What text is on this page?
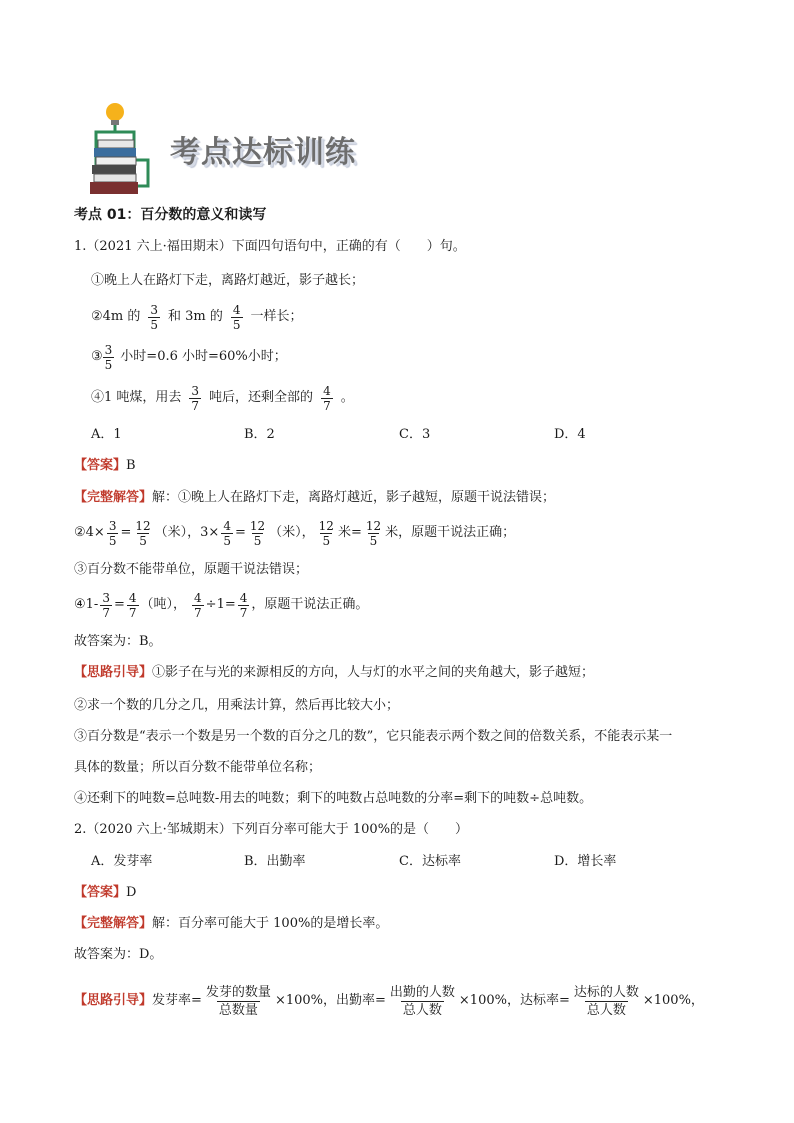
考点达标训练
考点 01：百分数的意义和读写
1.（2021 六上·福田期末）下面四句语句中，正确的有（　　）句。
①晚上人在路灯下走，离路灯越近，影子越长；
②4m 的 $\frac{3}{5}$ 和 3m 的 $\frac{4}{5}$ 一样长；
③ $\frac{3}{5}$ 小时=0.6 小时=60%小时；
④1 吨煤，用去 $\frac{3}{7}$ 吨后，还剩全部的 $\frac{4}{7}$ 。
A．1	B．2	C．3	D．4
【答案】B
【完整解答】解：①晚上人在路灯下走，离路灯越近，影子越短，原题干说法错误；
②4× $\frac{3}{5} = \frac{12}{5}$ （米），$3\times \frac{4}{5} = \frac{12}{5}$ （米）， $\frac{12}{5}$ 米= $\frac{12}{5}$ 米，原题干说法正确；
③百分数不能带单位，原题干说法错误；
④1- $\frac{3}{7} = \frac{4}{7}$ （吨）， $\frac{4}{7} \div 1= \frac{4}{7}$ ，原题干说法正确。
故答案为：B。
【思路引导】①影子在与光的来源相反的方向，人与灯的水平之间的夹角越大，影子越短；
②求一个数的几分之几，用乘法计算，然后再比较大小；
③百分数是“表示一个数是另一个数的百分之几的数”，它只能表示两个数之间的倍数关系，不能表示某一
具体的数量；所以百分数不能带单位名称；
④还剩下的吨数=总吨数-用去的吨数；剩下的吨数占总吨数的分率=剩下的吨数÷总吨数。
2.（2020 六上·邹城期末）下列百分率可能大于 100%的是（　　）
A．发芽率	B．出勤率	C．达标率	D．增长率
【答案】D
【完整解答】解：百分率可能大于 100%的是增长率。
故答案为：D。
【思路引导】 发芽率= $\frac{\text{发芽的数量}}{\text{总数量}} \times 100\%$，出勤率= $\frac{\text{出勤的人数}}{\text{总人数}} \times 100\%$，达标率= $\frac{\text{达标的人数}}{\text{总人数}} \times 100\%$，
